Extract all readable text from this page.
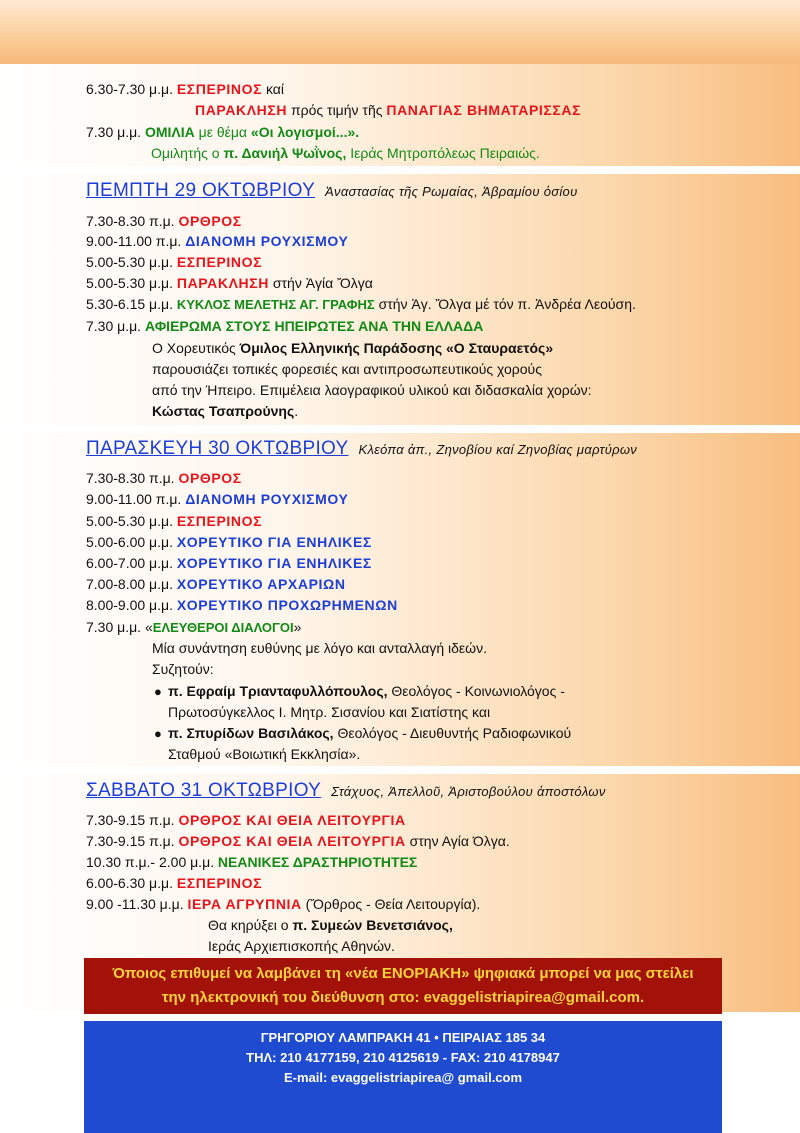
6.30-7.30 μ.μ. ΕΣΠΕΡΙΝΟΣ καί
ΠΑΡΑΚΛΗΣΗ πρός τιμήν τῆς ΠΑΝΑΓΙΑΣ ΒΗΜΑΤΑΡΙΣΣΑΣ
7.30 μ.μ. ΟΜΙΛΙΑ με θέμα «Οι λογισμοί...».
Ομιλητής ο π. Δανιήλ Ψωῒνος, Ιεράς Μητροπόλεως Πειραιώς.
ΠΕΜΠΤΗ 29 ΟΚΤΩΒΡΙΟΥ Ἀναστασίας τῆς Ρωμαίας, Ἀβραμίου ὁσίου
7.30-8.30 π.μ. ΟΡΘΡΟΣ
9.00-11.00 π.μ. ΔΙΑΝΟΜΗ ΡΟΥΧΙΣΜΟΥ
5.00-5.30 μ.μ. ΕΣΠΕΡΙΝΟΣ
5.00-5.30 μ.μ. ΠΑΡΑΚΛΗΣΗ στήν Ἁγία Ὄλγα
5.30-6.15 μ.μ. ΚΥΚΛΟΣ ΜΕΛΕΤΗΣ ΑΓ. ΓΡΑΦΗΣ στήν Ἁγ. Ὄλγα μέ τόν π. Ἀνδρέα Λεούση.
7.30 μ.μ. ΑΦΙΕΡΩΜΑ ΣΤΟΥΣ ΗΠΕΙΡΩΤΕΣ ΑΝΑ ΤΗΝ ΕΛΛΑΔΑ
Ο Χορευτικός Όμιλος Ελληνικής Παράδοσης «Ο Σταυραετός»
παρουσιάζει τοπικές φορεσιές και αντιπροσωπευτικούς χορούς
από την Ήπειρο. Επιμέλεια λαογραφικού υλικού και διδασκαλία χορών:
Κώστας Τσαπρούνης.
ΠΑΡΑΣΚΕΥΗ 30 ΟΚΤΩΒΡΙΟΥ Κλεόπα ἀπ., Ζηνοβίου καί Ζηνοβίας μαρτύρων
7.30-8.30 π.μ. ΟΡΘΡΟΣ
9.00-11.00 π.μ. ΔΙΑΝΟΜΗ ΡΟΥΧΙΣΜΟΥ
5.00-5.30 μ.μ. ΕΣΠΕΡΙΝΟΣ
5.00-6.00 μ.μ. ΧΟΡΕΥΤΙΚΟ ΓΙΑ ΕΝΗΛΙΚΕΣ
6.00-7.00 μ.μ. ΧΟΡΕΥΤΙΚΟ ΓΙΑ ΕΝΗΛΙΚΕΣ
7.00-8.00 μ.μ. ΧΟΡΕΥΤΙΚΟ ΑΡΧΑΡΙΩΝ
8.00-9.00 μ.μ. ΧΟΡΕΥΤΙΚΟ ΠΡΟΧΩΡΗΜΕΝΩΝ
7.30 μ.μ. «ΕΛΕΥΘΕΡΟΙ ΔΙΑΛΟΓΟΙ»
Μία συνάντηση ευθύνης με λόγο και ανταλλαγή ιδεών.
Συζητούν:
● π. Εφραίμ Τριανταφυλλόπουλος, Θεολόγος - Κοινωνιολόγος -
Πρωτοσύγκελλος Ι. Μητρ. Σισανίου και Σιατίστης και
● π. Σπυρίδων Βασιλάκος, Θεολόγος - Διευθυντής Ραδιοφωνικού
Σταθμού «Βοιωτική Εκκλησία».
ΣΑΒΒΑΤΟ 31 ΟΚΤΩΒΡΙΟΥ Στάχυος, Ἀπελλοῦ, Ἀριστοβούλου ἀποστόλων
7.30-9.15 π.μ. ΟΡΘΡΟΣ ΚΑΙ ΘΕΙΑ ΛΕΙΤΟΥΡΓΙΑ
7.30-9.15 π.μ. ΟΡΘΡΟΣ ΚΑΙ ΘΕΙΑ ΛΕΙΤΟΥΡΓΙΑ στην Αγία Όλγα.
10.30 π.μ.- 2.00 μ.μ. ΝΕΑΝΙΚΕΣ ΔΡΑΣΤΗΡΙΟΤΗΤΕΣ
6.00-6.30 μ.μ. ΕΣΠΕΡΙΝΟΣ
9.00 -11.30 μ.μ. ΙΕΡΑ ΑΓΡΥΠΝΙΑ (Ὄρθρος - Θεία Λειτουργία).
Θα κηρύξει ο π. Συμεών Βενετσιάνος,
Ιεράς Αρχιεπισκοπής Αθηνών.
Όποιος επιθυμεί να λαμβάνει τη «νέα ΕΝΟΡΙΑΚΗ» ψηφιακά μπορεί να μας στείλει
την ηλεκτρονική του διεύθυνση στο: evaggelistriapirea@gmail.com.
ΓΡΗΓΟΡΙΟΥ ΛΑΜΠΡΑΚΗ 41 • ΠΕΙΡΑΙΑΣ 185 34
ΤΗΛ: 210 4177159, 210 4125619 - FAX: 210 4178947
E-mail: evaggelistriapirea@ gmail.com
